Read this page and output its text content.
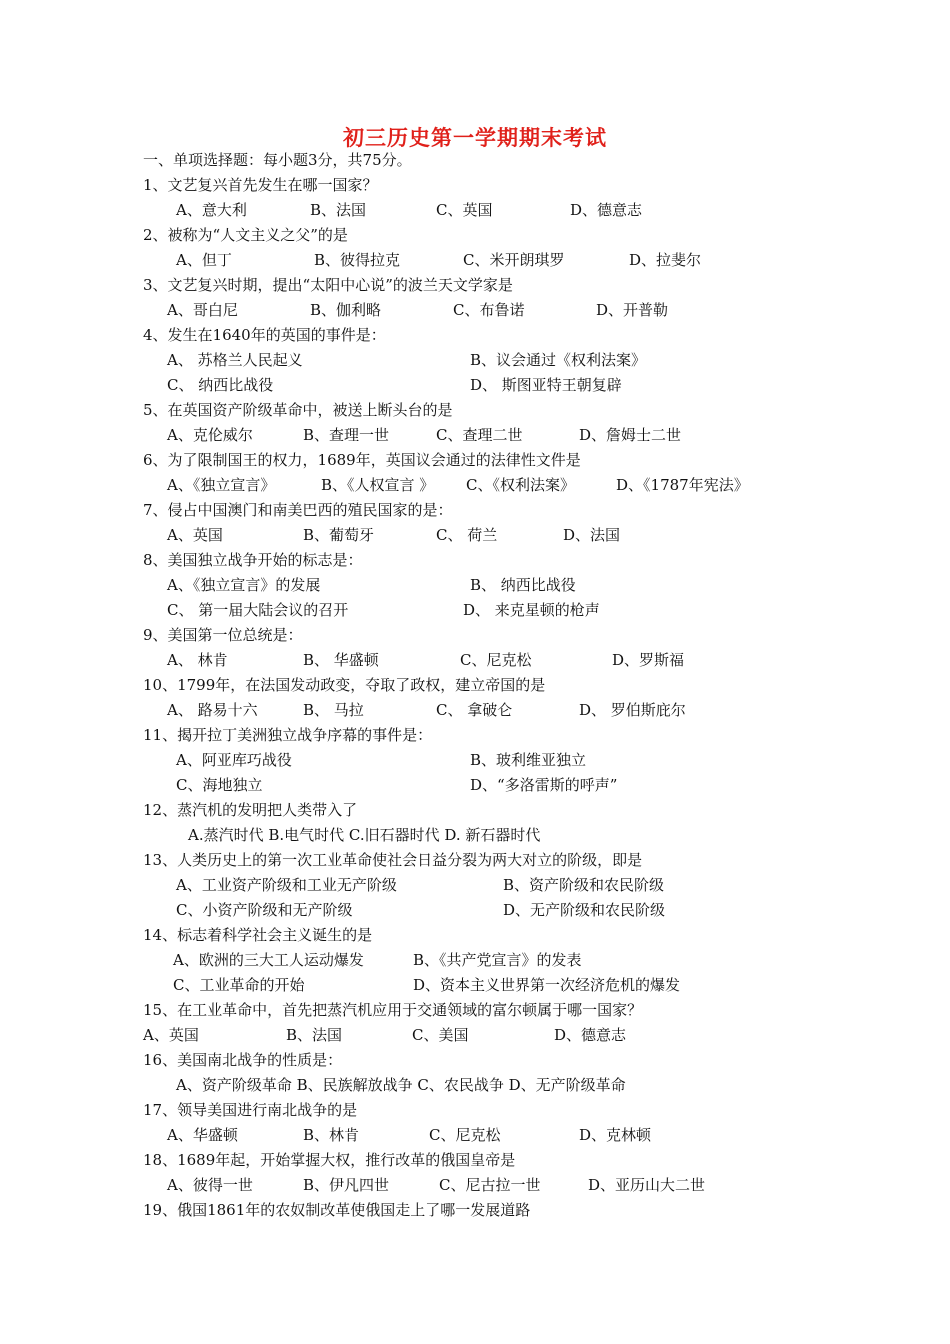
初三历史第一学期期末考试
一、单项选择题：每小题3分，共75分。
1、文艺复兴首先发生在哪一国家？
A、意大利	B、法国	C、英国	D、德意志
2、被称为“人文主义之父”的是
A、但丁	B、彼得拉克	C、米开朗琪罗	D、拉斐尔
3、文艺复兴时期，提出“太阳中心说”的波兰天文学家是
A、哥白尼	B、伽利略	C、布鲁诺	D、开普勒
4、发生在1640年的英国的事件是：
A、 苏格兰人民起义	B、议会通过《权利法案》
C、 纳西比战役	D、 斯图亚特王朝复辟
5、在英国资产阶级革命中，被送上断头台的是
A、克伦威尔	B、查理一世	C、查理二世	D、詹姆士二世
6、为了限制国王的权力，1689年，英国议会通过的法律性文件是
A、《独立宣言》	B、《人权宣言 》 C、《权利法案》	D、《1787年宪法》
7、侵占中国澳门和南美巴西的殖民国家的是：
A、英国	B、葡萄牙	C、 荷兰	D、法国
8、美国独立战争开始的标志是：
A、《独立宣言》的发展	B、 纳西比战役
C、 第一届大陆会议的召开	D、 来克星顿的枪声
9、美国第一位总统是：
A、 林肯	B、 华盛顿	C、尼克松	D、罗斯福
10、1799年，在法国发动政变，夺取了政权，建立帝国的是
A、 路易十六	B、 马拉	C、 拿破仑	D、 罗伯斯庇尔
11、揭开拉丁美洲独立战争序幕的事件是：
A、阿亚库巧战役	B、玻利维亚独立
C、海地独立	D、“多洛雷斯的呼声”
12、蒸汽机的发明把人类带入了
A.蒸汽时代 B.电气时代 C.旧石器时代 D. 新石器时代
13、人类历史上的第一次工业革命使社会日益分裂为两大对立的阶级，即是
A、工业资产阶级和工业无产阶级	B、资产阶级和农民阶级
C、小资产阶级和无产阶级	D、无产阶级和农民阶级
14、标志着科学社会主义诞生的是
A、欧洲的三大工人运动爆发	B、《共产党宣言》的发表
C、工业革命的开始	D、资本主义世界第一次经济危机的爆发
15、在工业革命中，首先把蒸汽机应用于交通领域的富尔顿属于哪一国家？
A、英国	B、法国	C、美国	D、德意志
16、美国南北战争的性质是：
A、资产阶级革命 B、民族解放战争 C、农民战争 D、无产阶级革命
17、领导美国进行南北战争的是
A、华盛顿	B、林肯	C、尼克松	D、克林顿
18、1689年起，开始掌握大权，推行改革的俄国皇帝是
A、彼得一世	B、伊凡四世	C、尼古拉一世	D、亚历山大二世
19、俄国1861年的农奴制改革使俄国走上了哪一发展道路
